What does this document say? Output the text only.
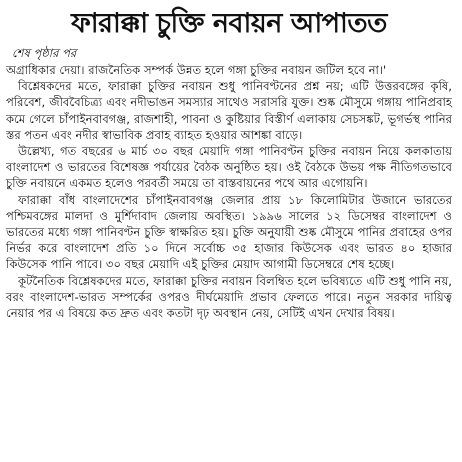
ফারাক্কা চুক্তি নবায়ন আপাতত
শেষ পৃষ্ঠার পর

অগ্রাধিকার দেয়া। রাজনৈতিক সম্পর্ক উন্নত হলে গঙ্গা চুক্তির নবায়ন জটিল হবে না।'

বিশ্লেষকদের মতে, ফারাক্কা চুক্তির নবায়ন শুধু পানিবণ্টনের প্রশ্ন নয়; এটি উত্তরবঙ্গের কৃষি, পরিবেশ, জীববৈচিত্র্য এবং নদীভাঙন সমস্যার সাথেও সরাসরি যুক্ত। শুষ্ক মৌসুমে গঙ্গায় পানিপ্রবাহ কমে গেলে চাঁপাইনবাবগঞ্জ, রাজশাহী, পাবনা ও কুষ্টিয়ার বিস্তীর্ণ এলাকায় সেচসঙ্কট, ভূগর্ভস্থ পানির স্তর পতন এবং নদীর স্বাভাবিক প্রবাহ ব্যাহত হওয়ার আশঙ্কা বাড়ে।

উল্লেখ্য, গত বছরের ৬ মার্চ ৩০ বছর মেয়াদি গঙ্গা পানিবণ্টন চুক্তির নবায়ন নিয়ে কলকাতায় বাংলাদেশ ও ভারতের বিশেষজ্ঞ পর্যায়ের বৈঠক অনুষ্ঠিত হয়। ওই বৈঠকে উভয় পক্ষ নীতিগতভাবে চুক্তি নবায়নে একমত হলেও পরবর্তী সময়ে তা বাস্তবায়নের পথে আর এগোয়নি।

ফারাক্কা বাঁধ বাংলাদেশের চাঁপাইনবাবগঞ্জ জেলার প্রায় ১৮ কিলোমিটার উজানে ভারতের পশ্চিমবঙ্গের মালদা ও মুর্শিদাবাদ জেলায় অবস্থিত। ১৯৯৬ সালের ১২ ডিসেম্বর বাংলাদেশ ও ভারতের মধ্যে গঙ্গা পানিবণ্টন চুক্তি স্বাক্ষরিত হয়। চুক্তি অনুযায়ী শুষ্ক মৌসুমে পানির প্রবাহের ওপর নির্ভর করে বাংলাদেশ প্রতি ১০ দিনে সর্বোচ্চ ৩৫ হাজার কিউসেক এবং ভারত ৪০ হাজার কিউসেক পানি পাবে। ৩০ বছর মেয়াদি এই চুক্তির মেয়াদ আগামী ডিসেম্বরে শেষ হচ্ছে।

কূটনৈতিক বিশ্লেষকদের মতে, ফারাক্কা চুক্তির নবায়ন বিলম্বিত হলে ভবিষ্যতে এটি শুধু পানি নয়, বরং বাংলাদেশ-ভারত সম্পর্কের ওপরও দীর্ঘমেয়াদি প্রভাব ফেলতে পারে। নতুন সরকার দায়িত্ব নেয়ার পর এ বিষয়ে কত দ্রুত এবং কতটা দৃঢ় অবস্থান নেয়, সেটিই এখন দেখার বিষয়।
